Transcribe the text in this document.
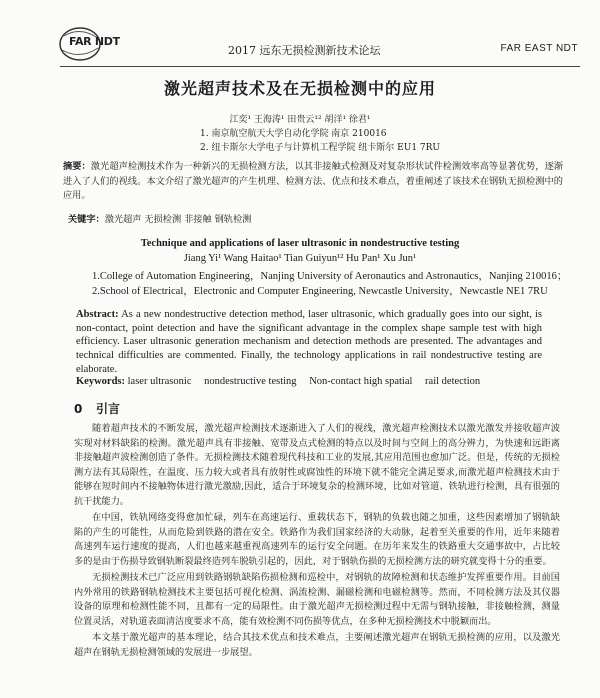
FAR NDT
2017 远东无损检测新技术论坛	FAR EAST NDT
激光超声技术及在无损检测中的应用
江奕¹ 王海涛¹ 田贵云¹² 胡洋¹ 徐君¹
1. 南京航空航天大学自动化学院 南京 210016
2. 纽卡斯尔大学电子与计算机工程学院 纽卡斯尔 EU1 7RU
摘要：激光超声检测技术作为一种新兴的无损检测方法，以其非接触式检测及对复杂形状试件检测效率高等显著优势，逐渐进入了人们的视线。本文介绍了激光超声的产生机理、检测方法、优点和技术难点，着重阐述了该技术在钢轨无损检测中的应用。
关键字：激光超声 无损检测 非接触 钢轨检测
Technique and applications of laser ultrasonic in nondestructive testing
Jiang Yi¹ Wang Haitao¹ Tian Guiyun¹² Hu Pan¹ Xu Jun¹
1.College of Automation Engineering，Nanjing University of Aeronautics and Astronautics，Nanjing 210016；
2.School of Electrical，Electronic and Computer Engineering, Newcastle University，Newcastle NE1 7RU
Abstract: As a new nondestructive detection method, laser ultrasonic, which gradually goes into our sight, is non-contact, point detection and have the significant advantage in the complex shape sample test with high efficiency. Laser ultrasonic generation mechanism and detection methods are presented. The advantages and technical difficulties are commented. Finally, the technology applications in rail nondestructive testing are elaborate.
Keywords: laser ultrasonic nondestructive testing Non-contact high spatial rail detection
0 引言

随着超声技术的不断发展，激光超声检测技术逐渐进入了人们的视线，激光超声检测技术以激光激发并接收超声波实现对材料缺陷的检测。激光超声具有非接触、宽带及点式检测的特点以及时间与空间上的高分辨力，为快速和远距离非接触超声波检测创造了条件。无损检测技术随着现代科技和工业的发展,其应用范围也愈加广泛。但是，传统的无损检测方法有其局限性，在温度、压力较大或者具有放射性或腐蚀性的环境下就不能完全满足要求,而激光超声检测技术由于能够在短时间内不接触物体进行激光激励,因此，适合于环境复杂的检测环境，比如对管道、铁轨进行检测，具有很强的抗干扰能力。

在中国，铁轨网络变得愈加忙碌，列车在高速运行、重载状态下，钢轨的负载也随之加重，这些因素增加了钢轨缺陷的产生的可能性，从而危险到铁路的潜在安全。铁路作为我们国家经济的大动脉，起着至关重要的作用，近年来随着高速列车运行速度的提高，人们也越来越重视高速列车的运行安全问题。在历年来发生的铁路重大交通事故中，占比较多的是由于伤损导致钢轨断裂最终造列车脱轨引起的，因此，对于钢轨伤损的无损检测方法的研究就变得十分的重要。

无损检测技术已广泛应用到铁路钢轨缺陷伤损检测和巡检中，对钢轨的故障检测和状态维护发挥重要作用。目前国内外常用的铁路钢轨检测技术主要包括可视化检测、涡流检测、漏磁检测和电磁检测等。然而，不同检测方法及其仪器设备的原理和检测性能不同，且都有一定的局限性。由于激光超声无损检测过程中无需与钢轨接触，非接触检测，测量位置灵活，对轨道表面清洁度要求不高，能有效检测不同伤损等优点，在多种无损检测技术中脱颖而出。

本文基于激光超声的基本理论，结合其技术优点和技术难点，主要阐述激光超声在钢轨无损检测的应用，以及激光超声在钢轨无损检测领域的发展进一步展望。
